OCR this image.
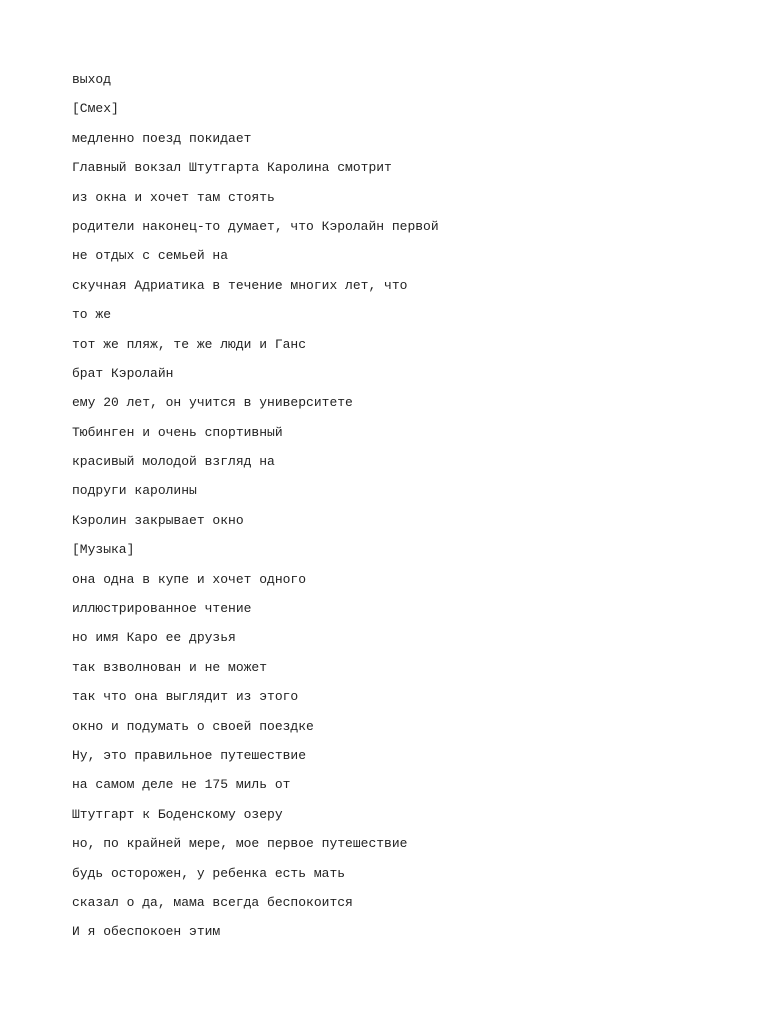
выход
[Смех]
медленно поезд покидает
Главный вокзал Штутгарта Каролина смотрит
из окна и хочет там стоять
родители наконец-то думает, что Кэролайн первой
не отдых с семьей на
скучная Адриатика в течение многих лет, что
то же
тот же пляж, те же люди и Ганс
брат Кэролайн
ему 20 лет, он учится в университете
Тюбинген и очень спортивный
красивый молодой взгляд на
подруги каролины
Кэролин закрывает окно
[Музыка]
она одна в купе и хочет одного
иллюстрированное чтение
но имя Каро ее друзья
так взволнован и не может
так что она выглядит из этого
окно и подумать о своей поездке
Ну, это правильное путешествие
на самом деле не 175 миль от
Штутгарт к Боденскому озеру
но, по крайней мере, мое первое путешествие
будь осторожен, у ребенка есть мать
сказал о да, мама всегда беспокоится
И я обеспокоен этим
